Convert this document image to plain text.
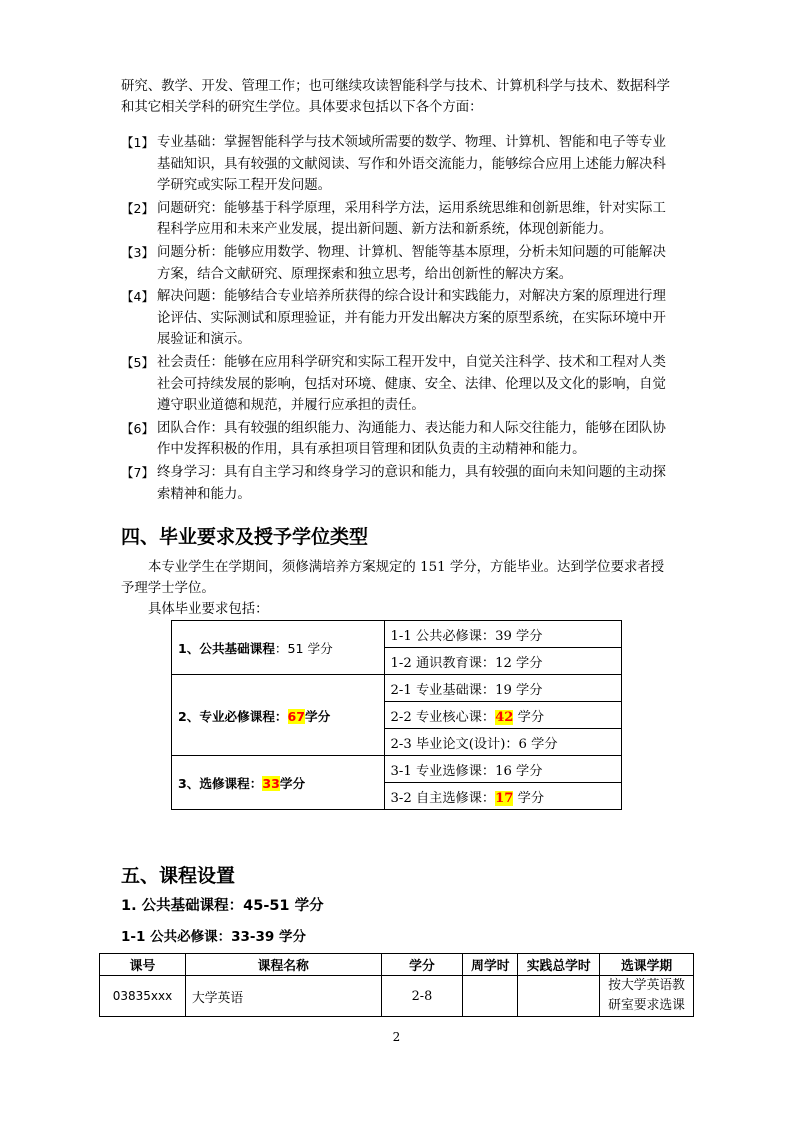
研究、教学、开发、管理工作；也可继续攻读智能科学与技术、计算机科学与技术、数据科学和其它相关学科的研究生学位。具体要求包括以下各个方面：
【1】 专业基础：掌握智能科学与技术领域所需要的数学、物理、计算机、智能和电子等专业基础知识，具有较强的文献阅读、写作和外语交流能力，能够综合应用上述能力解决科学研究或实际工程开发问题。
【2】 问题研究：能够基于科学原理，采用科学方法，运用系统思维和创新思维，针对实际工程科学应用和未来产业发展，提出新问题、新方法和新系统，体现创新能力。
【3】 问题分析：能够应用数学、物理、计算机、智能等基本原理，分析未知问题的可能解决方案，结合文献研究、原理探索和独立思考，给出创新性的解决方案。
【4】 解决问题：能够结合专业培养所获得的综合设计和实践能力，对解决方案的原理进行理论评估、实际测试和原理验证，并有能力开发出解决方案的原型系统，在实际环境中开展验证和演示。
【5】 社会责任：能够在应用科学研究和实际工程开发中，自觉关注科学、技术和工程对人类社会可持续发展的影响，包括对环境、健康、安全、法律、伦理以及文化的影响，自觉遵守职业道德和规范，并履行应承担的责任。
【6】 团队合作：具有较强的组织能力、沟通能力、表达能力和人际交往能力，能够在团队协作中发挥积极的作用，具有承担项目管理和团队负责的主动精神和能力。
【7】 终身学习：具有自主学习和终身学习的意识和能力，具有较强的面向未知问题的主动探索精神和能力。
四、毕业要求及授予学位类型
本专业学生在学期间，须修满培养方案规定的 151 学分，方能毕业。达到学位要求者授予理学士学位。
具体毕业要求包括：
1、公共基础课程：51 学分	1-1 公共必修课：39 学分
	1-2 通识教育课：12 学分
2、专业必修课程：67学分	2-1 专业基础课：19 学分
	2-2 专业核心课：42 学分
	2-3 毕业论文(设计)：6 学分
3、选修课程：33学分	3-1 专业选修课：16 学分
	3-2 自主选修课：17 学分
五、课程设置
1. 公共基础课程：45-51 学分
1-1 公共必修课：33-39 学分
课号	课程名称	学分	周学时	实践总学时	选课学期
03835xxx	大学英语	2-8			按大学英语教研室要求选课
2
